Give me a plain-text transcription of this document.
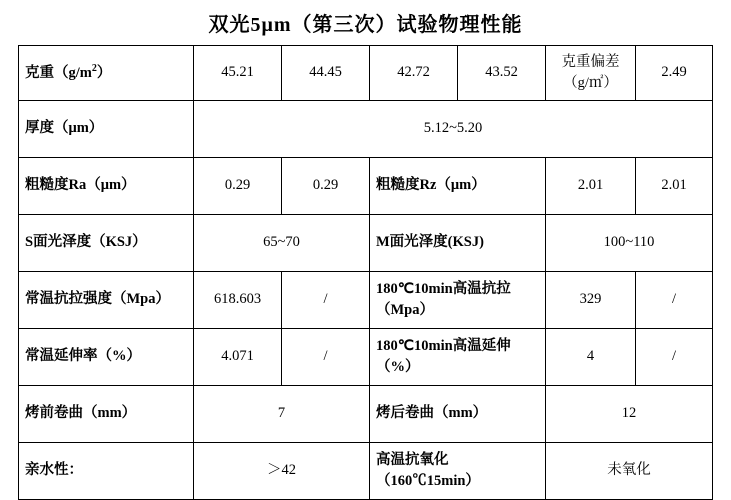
双光5μm（第三次）试验物理性能
克重$(g/m^2)$	45.21	44.45	42.72	43.52	克重偏差（g/㎡）	2.49
厚度（μm）	5.12~5.20					
粗糙度Ra（μm）	0.29	0.29	粗糙度Rz（μm）		2.01	2.01
S面光泽度（KSJ）	65~70		M面光泽度(KSJ)		100~110	
常温抗拉强度（Mpa）	618.603	/	180℃10min高温抗拉（Mpa）		329	/
常温延伸率（%）	4.071	/	180℃10min高温延伸（%）		4	/
烤前卷曲（mm）	7		烤后卷曲（mm）		12	
亲水性：	＞42		高温抗氧化（160℃15min）		未氧化	
